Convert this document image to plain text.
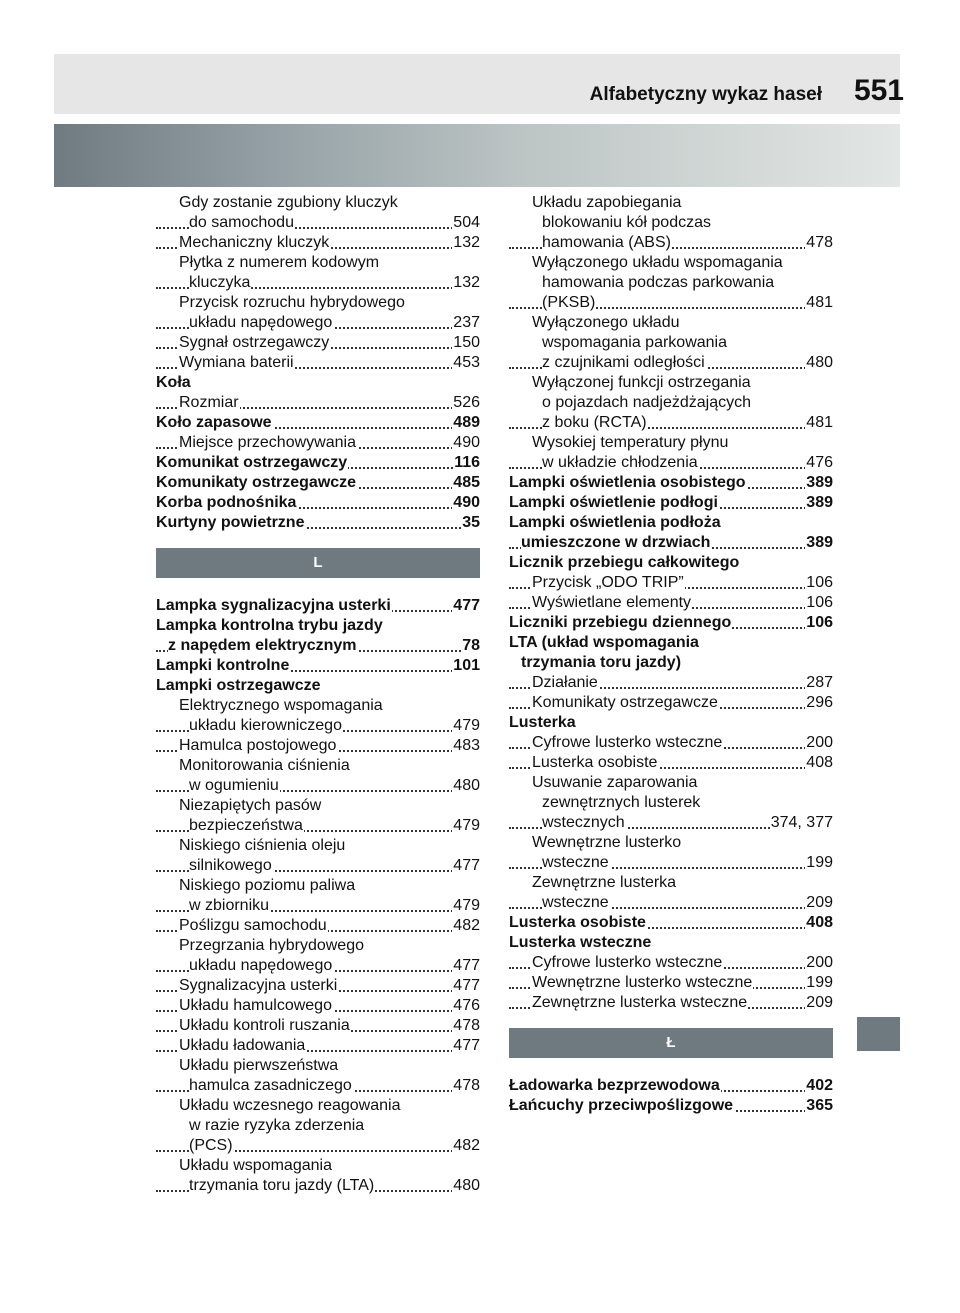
Alfabetyczny wykaz haseł 551
Gdy zostanie zgubiony kluczyk
do samochodu	504
Mechaniczny kluczyk	132
Płytka z numerem kodowym
kluczyka	132
Przycisk rozruchu hybrydowego
układu napędowego	237
Sygnał ostrzegawczy	150
Wymiana baterii	453
Koła
Rozmiar	526
Koło zapasowe	489
Miejsce przechowywania	490
Komunikat ostrzegawczy	116
Komunikaty ostrzegawcze	485
Korba podnośnika	490
Kurtyny powietrzne	35
L
Lampka sygnalizacyjna usterki	477
Lampka kontrolna trybu jazdy
z napędem elektrycznym	78
Lampki kontrolne	101
Lampki ostrzegawcze
Elektrycznego wspomagania
układu kierowniczego	479
Hamulca postojowego	483
Monitorowania ciśnienia
w ogumieniu	480
Niezapiętych pasów
bezpieczeństwa	479
Niskiego ciśnienia oleju
silnikowego	477
Niskiego poziomu paliwa
w zbiorniku	479
Poślizgu samochodu	482
Przegrzania hybrydowego
układu napędowego	477
Sygnalizacyjna usterki	477
Układu hamulcowego	476
Układu kontroli ruszania	478
Układu ładowania	477
Układu pierwszeństwa
hamulca zasadniczego	478
Układu wczesnego reagowania
w razie ryzyka zderzenia
(PCS)	482
Układu wspomagania
trzymania toru jazdy (LTA)	480
Układu zapobiegania
blokowaniu kół podczas
hamowania (ABS)	478
Wyłączonego układu wspomagania
hamowania podczas parkowania
(PKSB)	481
Wyłączonego układu
wspomagania parkowania
z czujnikami odległości	480
Wyłączonej funkcji ostrzegania
o pojazdach nadjeżdżających
z boku (RCTA)	481
Wysokiej temperatury płynu
w układzie chłodzenia	476
Lampki oświetlenia osobistego	389
Lampki oświetlenie podłogi	389
Lampki oświetlenia podłoża
umieszczone w drzwiach	389
Licznik przebiegu całkowitego
Przycisk „ODO TRIP”	106
Wyświetlane elementy	106
Liczniki przebiegu dziennego	106
LTA (układ wspomagania
trzymania toru jazdy)
Działanie	287
Komunikaty ostrzegawcze	296
Lusterka
Cyfrowe lusterko wsteczne	200
Lusterka osobiste	408
Usuwanie zaparowania
zewnętrznych lusterek
wstecznych	374, 377
Wewnętrzne lusterko
wsteczne	199
Zewnętrzne lusterka
wsteczne	209
Lusterka osobiste	408
Lusterka wsteczne
Cyfrowe lusterko wsteczne	200
Wewnętrzne lusterko wsteczne	199
Zewnętrzne lusterka wsteczne	209
Ł
Ładowarka bezprzewodowa	402
Łańcuchy przeciwpoślizgowe	365
